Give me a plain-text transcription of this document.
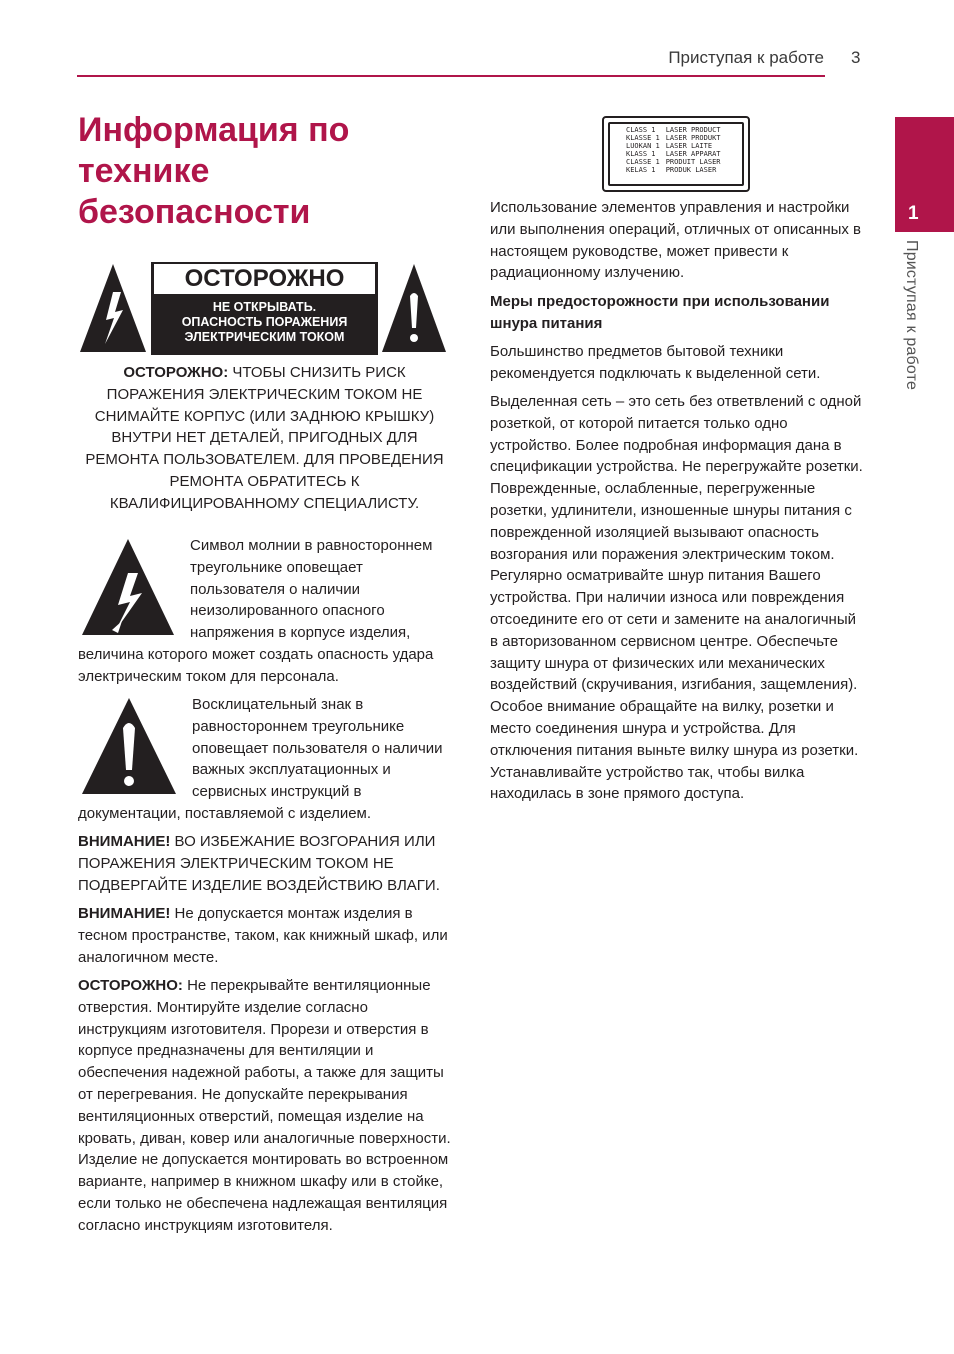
Приступая к работе 3
1
Приступая к работе
Информация по технике безопасности
ОСТОРОЖНО
НЕ ОТКРЫВАТЬ.
ОПАСНОСТЬ ПОРАЖЕНИЯ
ЭЛЕКТРИЧЕСКИМ ТОКОМ

ОСТОРОЖНО: ЧТОБЫ СНИЗИТЬ РИСК ПОРАЖЕНИЯ ЭЛЕКТРИЧЕСКИМ ТОКОМ НЕ СНИМАЙТЕ КОРПУС (ИЛИ ЗАДНЮЮ КРЫШКУ) ВНУТРИ НЕТ ДЕТАЛЕЙ, ПРИГОДНЫХ ДЛЯ РЕМОНТА ПОЛЬЗОВАТЕЛЕМ. ДЛЯ ПРОВЕДЕНИЯ РЕМОНТА ОБРАТИТЕСЬ К КВАЛИФИЦИРОВАННОМУ СПЕЦИАЛИСТУ.

Символ молнии в равностороннем треугольнике оповещает пользователя о наличии неизолированного опасного напряжения в корпусе изделия, величина которого может создать опасность удара электрическим током для персонала.
Восклицательный знак в равностороннем треугольнике оповещает пользователя о наличии важных эксплуатационных и сервисных инструкций в документации, поставляемой с изделием.

ВНИМАНИЕ! ВО ИЗБЕЖАНИЕ ВОЗГОРАНИЯ ИЛИ ПОРАЖЕНИЯ ЭЛЕКТРИЧЕСКИМ ТОКОМ НЕ ПОДВЕРГАЙТЕ ИЗДЕЛИЕ ВОЗДЕЙСТВИЮ ВЛАГИ.

ВНИМАНИЕ! Не допускается монтаж изделия в тесном пространстве, таком, как книжный шкаф, или аналогичном месте.

ОСТОРОЖНО: Не перекрывайте вентиляционные отверстия. Монтируйте изделие согласно инструкциям изготовителя. Прорези и отверстия в корпусе предназначены для вентиляции и обеспечения надежной работы, а также для защиты от перегревания. Не допускайте перекрывания вентиляционных отверстий, помещая изделие на кровать, диван, ковер или аналогичные поверхности. Изделие не допускается монтировать во встроенном варианте, например в книжном шкафу или в стойке, если только не обеспечена надлежащая вентиляция согласно инструкциям изготовителя.

CLASS 1	LASER PRODUCT
KLASSE 1	LASER PRODUKT
LUOKAN 1	LASER LAITE
KLASS 1	LASER APPARAT
CLASSE 1	PRODUIT LASER
KELAS 1	PRODUK LASER

Использование элементов управления и настройки или выполнения операций, отличных от описанных в настоящем руководстве, может привести к радиационному излучению.

Меры предосторожности при использовании шнура питания

Большинство предметов бытовой техники рекомендуется подключать к выделенной сети.

Выделенная сеть – это сеть без ответвлений с одной розеткой, от которой питается только одно устройство. Более подробная информация дана в спецификации устройства. Не перегружайте розетки. Поврежденные, ослабленные, перегруженные розетки, удлинители, изношенные шнуры питания с поврежденной изоляцией вызывают опасность возгорания или поражения электрическим током. Регулярно осматривайте шнур питания Вашего устройства. При наличии износа или повреждения отсоедините его от сети и замените на аналогичный в авторизованном сервисном центре. Обеспечьте защиту шнура от физических или механических воздействий (скручивания, изгибания, защемления). Особое внимание обращайте на вилку, розетки и место соединения шнура и устройства. Для отключения питания выньте вилку шнура из розетки. Устанавливайте устройство так, чтобы вилка находилась в зоне прямого доступа.
